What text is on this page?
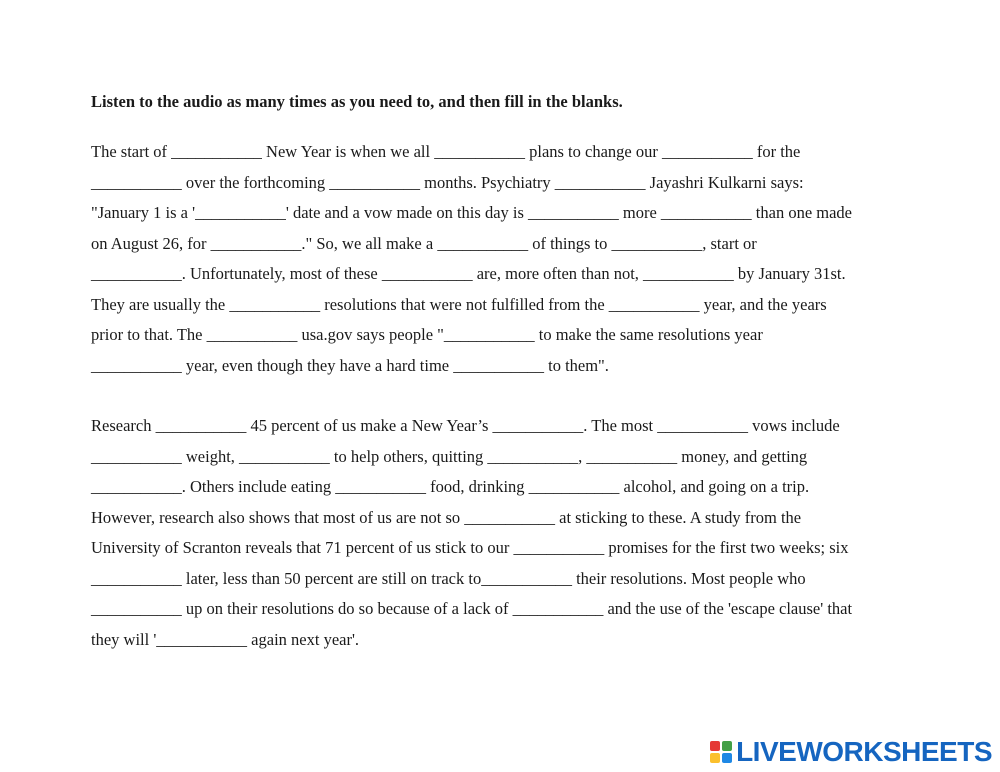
Listen to the audio as many times as you need to, and then fill in the blanks.
The start of ___________ New Year is when we all ___________ plans to change our ___________ for the
___________ over the forthcoming ___________ months. Psychiatry ___________ Jayashri Kulkarni says:
"January 1 is a '___________' date and a vow made on this day is ___________ more ___________ than one made
on August 26, for ___________." So, we all make a ___________ of things to ___________, start or
___________. Unfortunately, most of these ___________ are, more often than not, ___________ by January 31st.
They are usually the ___________ resolutions that were not fulfilled from the ___________ year, and the years
prior to that. The ___________ usa.gov says people "___________ to make the same resolutions year
___________ year, even though they have a hard time ___________ to them".
Research ___________ 45 percent of us make a New Year’s ___________. The most ___________ vows include
___________ weight, ___________ to help others, quitting ___________, ___________ money, and getting
___________. Others include eating ___________ food, drinking ___________ alcohol, and going on a trip.
However, research also shows that most of us are not so ___________ at sticking to these. A study from the
University of Scranton reveals that 71 percent of us stick to our ___________ promises for the first two weeks; six
___________ later, less than 50 percent are still on track to___________ their resolutions. Most people who
___________ up on their resolutions do so because of a lack of ___________ and the use of the 'escape clause' that
they will '___________ again next year'.
LIVEWORKSHEETS
